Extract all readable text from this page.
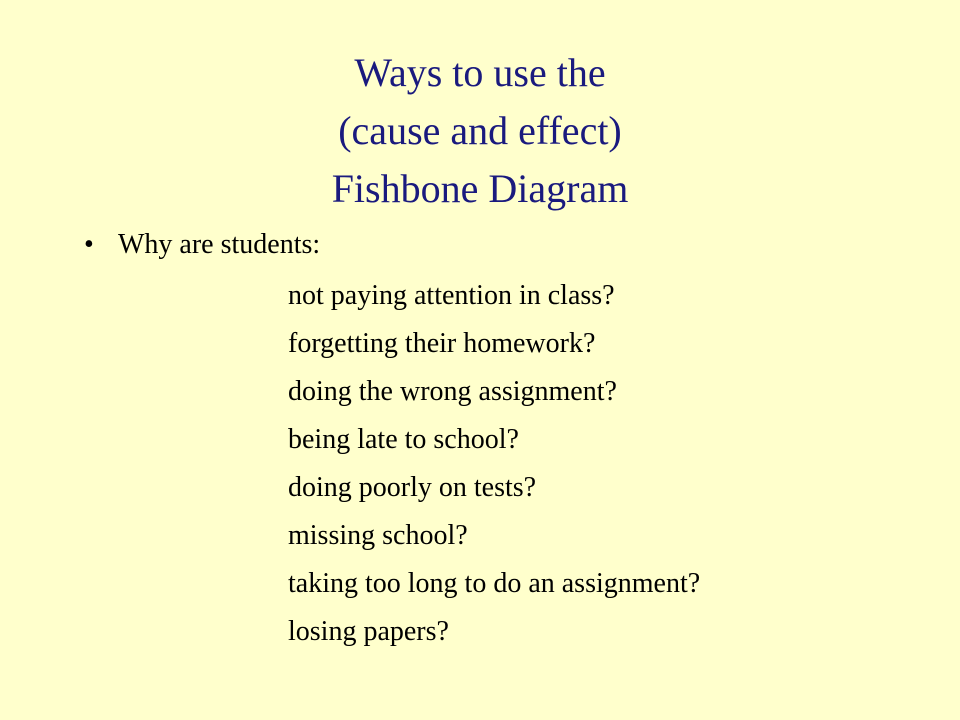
Ways to use the
(cause and effect)
Fishbone Diagram
• Why are students:
not paying attention in class?
forgetting their homework?
doing the wrong assignment?
being late to school?
doing poorly on tests?
missing school?
taking too long to do an assignment?
losing papers?
